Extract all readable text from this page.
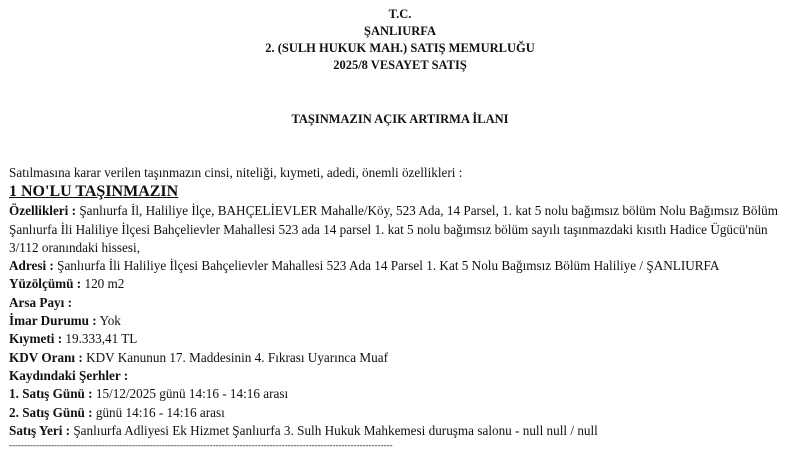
T.C.
ŞANLIURFA
2. (SULH HUKUK MAH.) SATIŞ MEMURLUĞU
2025/8 VESAYET SATIŞ
TAŞINMAZIN AÇIK ARTIRMA İLANI
Satılmasına karar verilen taşınmazın cinsi, niteliği, kıymeti, adedi, önemli özellikleri :
1 NO'LU TAŞINMAZIN
Özellikleri : Şanlıurfa İl, Haliliye İlçe, BAHÇELİEVLER Mahalle/Köy, 523 Ada, 14 Parsel, 1. kat 5 nolu bağımsız bölüm Nolu Bağımsız Bölüm Şanlıurfa İli Haliliye İlçesi Bahçelievler Mahallesi 523 ada 14 parsel 1. kat 5 nolu bağımsız bölüm sayılı taşınmazdaki kısıtlı Hadice Ügücü'nün 3/112 oranındaki hissesi,
Adresi : Şanlıurfa İli Haliliye İlçesi Bahçelievler Mahallesi 523 Ada 14 Parsel 1. Kat 5 Nolu Bağımsız Bölüm Haliliye / ŞANLIURFA
Yüzölçümü : 120 m2
Arsa Payı :
İmar Durumu : Yok
Kıymeti : 19.333,41 TL
KDV Oranı : KDV Kanunun 17. Maddesinin 4. Fıkrası Uyarınca Muaf
Kaydındaki Şerhler :
1. Satış Günü : 15/12/2025 günü 14:16 - 14:16 arası
2. Satış Günü : günü 14:16 - 14:16 arası
Satış Yeri : Şanlıurfa Adliyesi Ek Hizmet Şanlıurfa 3. Sulh Hukuk Mahkemesi duruşma salonu - null null / null
--------------------------------------------------------------------------------------------------------------------------------
